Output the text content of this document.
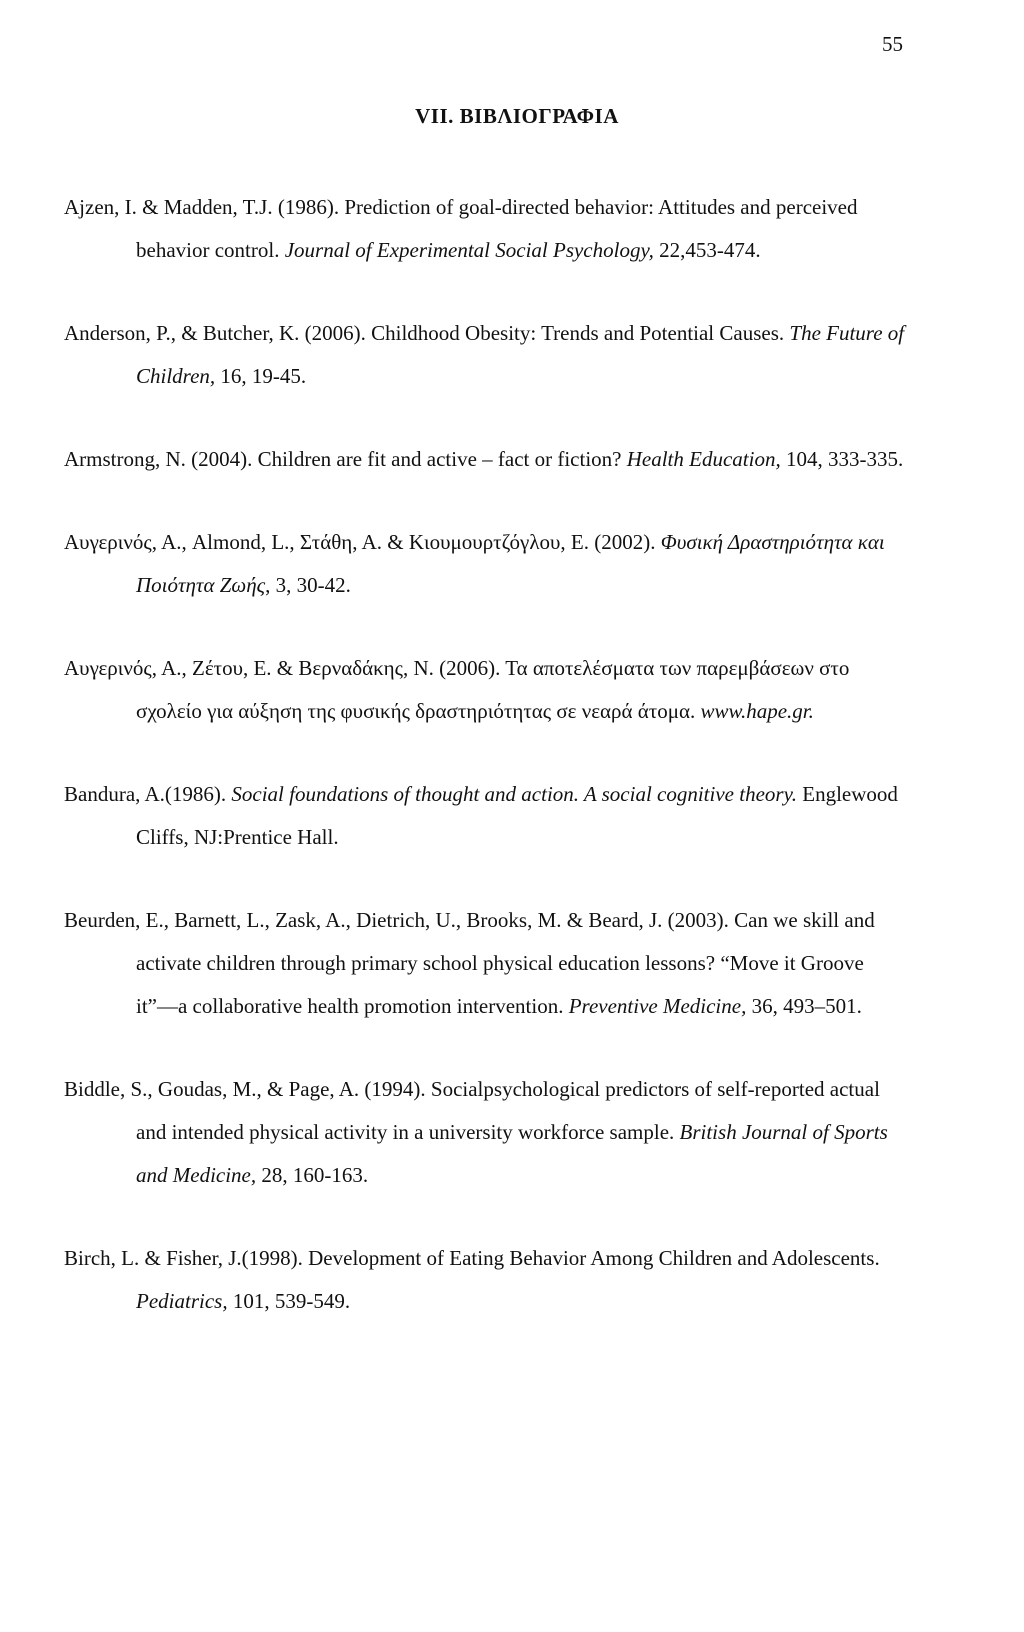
55
VII. ΒΙΒΛΙΟΓΡΑΦΙΑ

Ajzen, I. & Madden, T.J. (1986). Prediction of goal-directed behavior: Attitudes and perceived behavior control. Journal of Experimental Social Psychology, 22,453-474.

Anderson, P., & Butcher, K. (2006). Childhood Obesity: Trends and Potential Causes. The Future of Children, 16, 19-45.

Armstrong, N. (2004). Children are fit and active – fact or fiction? Health Education, 104, 333-335.

Αυγερινός, Α., Almond, L., Στάθη, Α. & Κιουμουρτζόγλου, Ε. (2002). Φυσική Δραστηριότητα και Ποιότητα Ζωής, 3, 30-42.

Αυγερινός, Α., Ζέτου, Ε. & Βερναδάκης, Ν. (2006). Τα αποτελέσματα των παρεμβάσεων στο σχολείο για αύξηση της φυσικής δραστηριότητας σε νεαρά άτομα. www.hape.gr.

Bandura, A.(1986). Social foundations of thought and action. A social cognitive theory. Englewood Cliffs, NJ:Prentice Hall.

Beurden, E., Barnett, L., Zask, A., Dietrich, U., Brooks, M. & Beard, J. (2003). Can we skill and activate children through primary school physical education lessons? “Move it Groove it”—a collaborative health promotion intervention. Preventive Medicine, 36, 493–501.

Biddle, S., Goudas, M., & Page, A. (1994). Socialpsychological predictors of self-reported actual and intended physical activity in a university workforce sample. British Journal of Sports and Medicine, 28, 160-163.

Birch, L. & Fisher, J.(1998). Development of Eating Behavior Among Children and Adolescents. Pediatrics, 101, 539-549.
